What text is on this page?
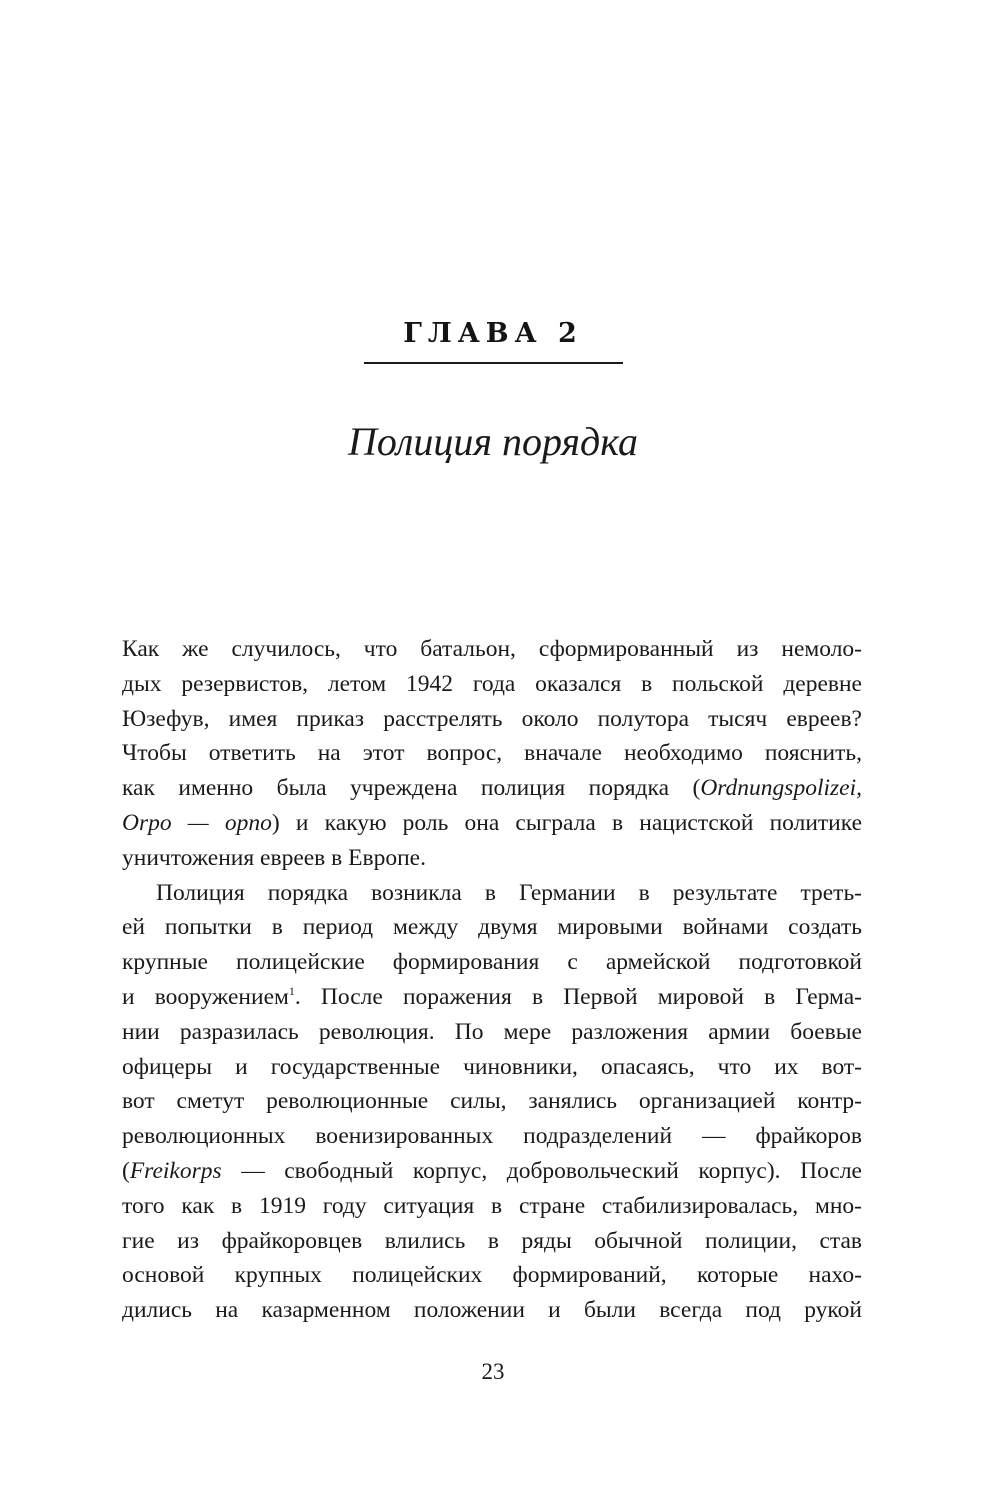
ГЛАВА 2
Полиция порядка
Как же случилось, что батальон, сформированный из немоло-
дых резервистов, летом 1942 года оказался в польской деревне
Юзефув, имея приказ расстрелять около полутора тысяч евреев?
Чтобы ответить на этот вопрос, вначале необходимо пояснить,
как именно была учреждена полиция порядка (Ordnungspolizei,
Orpo — орпо) и какую роль она сыграла в нацистской политике
уничтожения евреев в Европе.
Полиция порядка возникла в Германии в результате треть-
ей попытки в период между двумя мировыми войнами создать
крупные полицейские формирования с армейской подготовкой
и вооружением$^1$. После поражения в Первой мировой в Герма-
нии разразилась революция. По мере разложения армии боевые
офицеры и государственные чиновники, опасаясь, что их вот-
вот сметут революционные силы, занялись организацией контр-
революционных военизированных подразделений — фрайкоров
(Freikorps — свободный корпус, добровольческий корпус). После
того как в 1919 году ситуация в стране стабилизировалась, мно-
гие из фрайкоровцев влились в ряды обычной полиции, став
основой крупных полицейских формирований, которые нахо-
дились на казарменном положении и были всегда под рукой
23
